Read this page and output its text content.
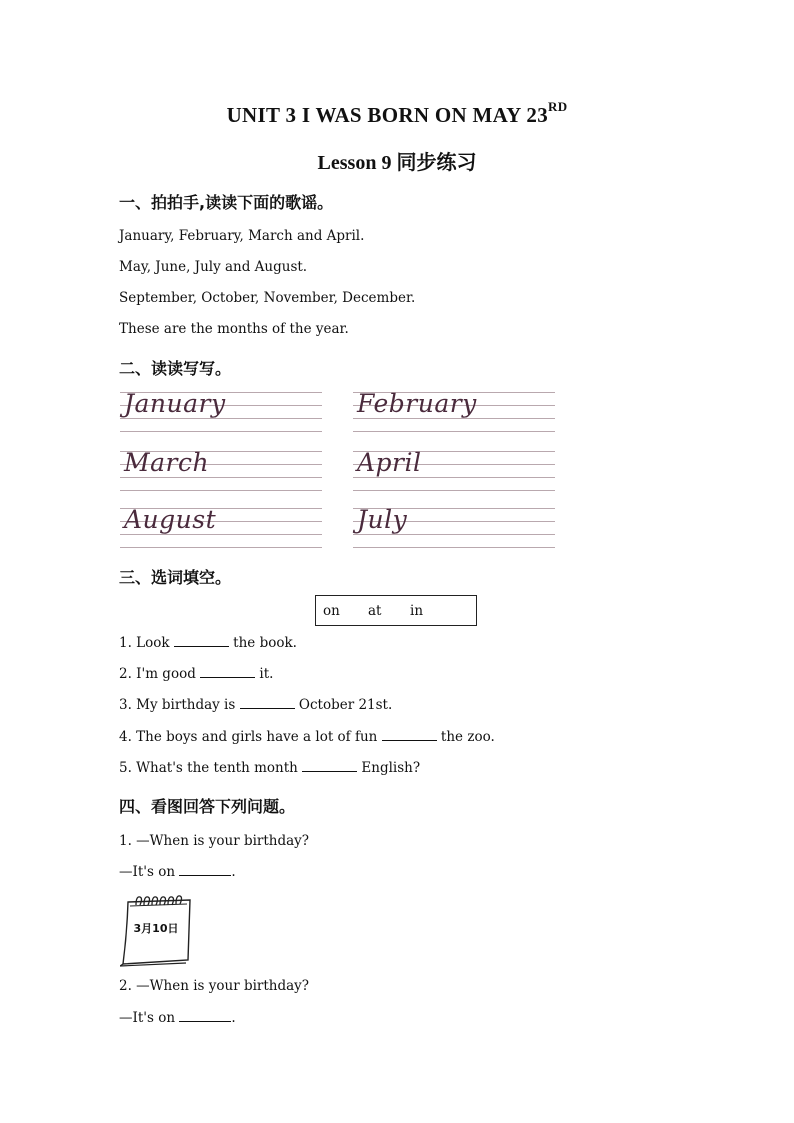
UNIT 3 I WAS BORN ON MAY 23RD
Lesson 9 同步练习
一、拍拍手,读读下面的歌谣。
January, February, March and April.
May, June, July and August.
September, October, November, December.
These are the months of the year.
二、读读写写。
January	February
March	April
August	July
三、选词填空。
on at in
1. Look	the book.
2. I'm good	it.
3. My birthday is	October 21st.
4. The boys and girls have a lot of fun	the zoo.
5. What's the tenth month	English?
四、看图回答下列问题。
1. —When is your birthday?
—It's on	.
3月10日
2. —When is your birthday?
—It's on	.
